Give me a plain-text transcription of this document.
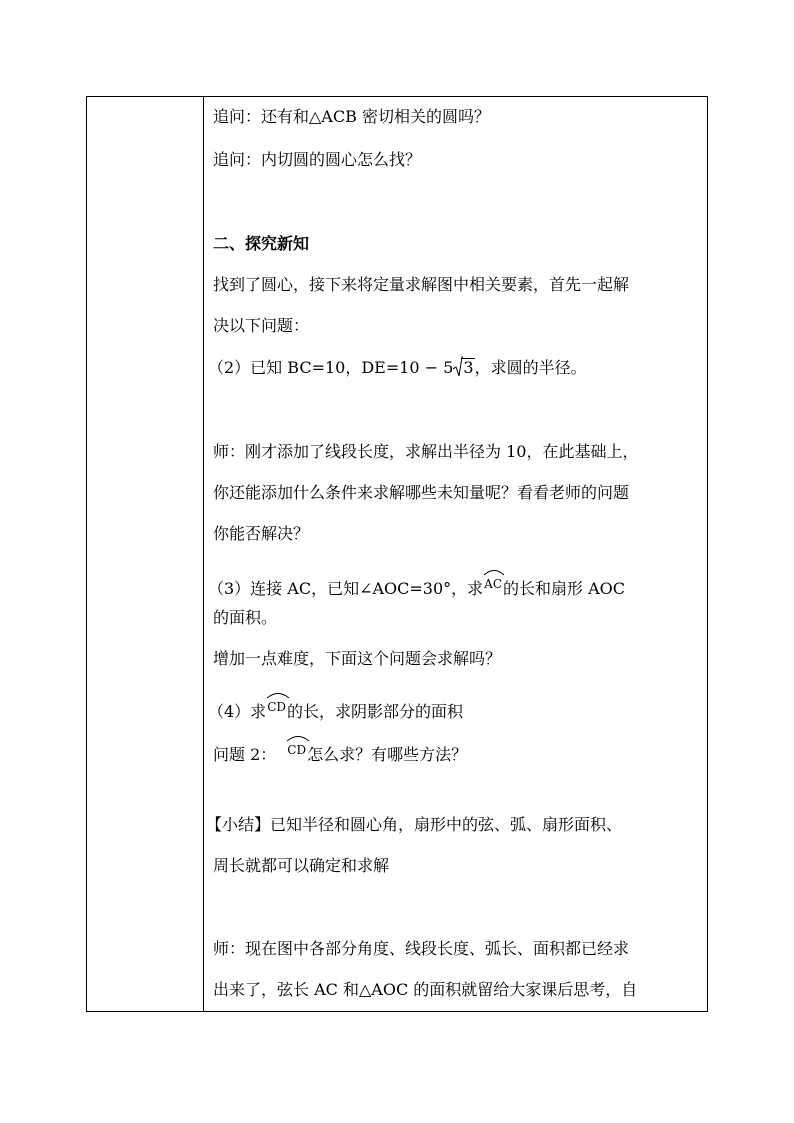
追问：还有和△ACB 密切相关的圆吗？
追问：内切圆的圆心怎么找？
二、探究新知
找到了圆心，接下来将定量求解图中相关要素，首先一起解
决以下问题：
（2）已知 BC=10，DE=10 − 5 3，求圆的半径。
师：刚才添加了线段长度，求解出半径为 10，在此基础上，
你还能添加什么条件来求解哪些未知量呢？看看老师的问题
你能否解决？
（3）连接 AC，已知∠AOC=30°，求
AC的长和扇形 AOC
的面积。
增加一点难度，下面这个问题会求解吗？
（4）求
CD的长，求阴影部分的面积
问题 2： CD怎么求？有哪些方法？
【小结】已知半径和圆心角，扇形中的弦、弧、扇形面积、
周长就都可以确定和求解
师：现在图中各部分角度、线段长度、弧长、面积都已经求
出来了，弦长 AC 和△AOC 的面积就留给大家课后思考，自
